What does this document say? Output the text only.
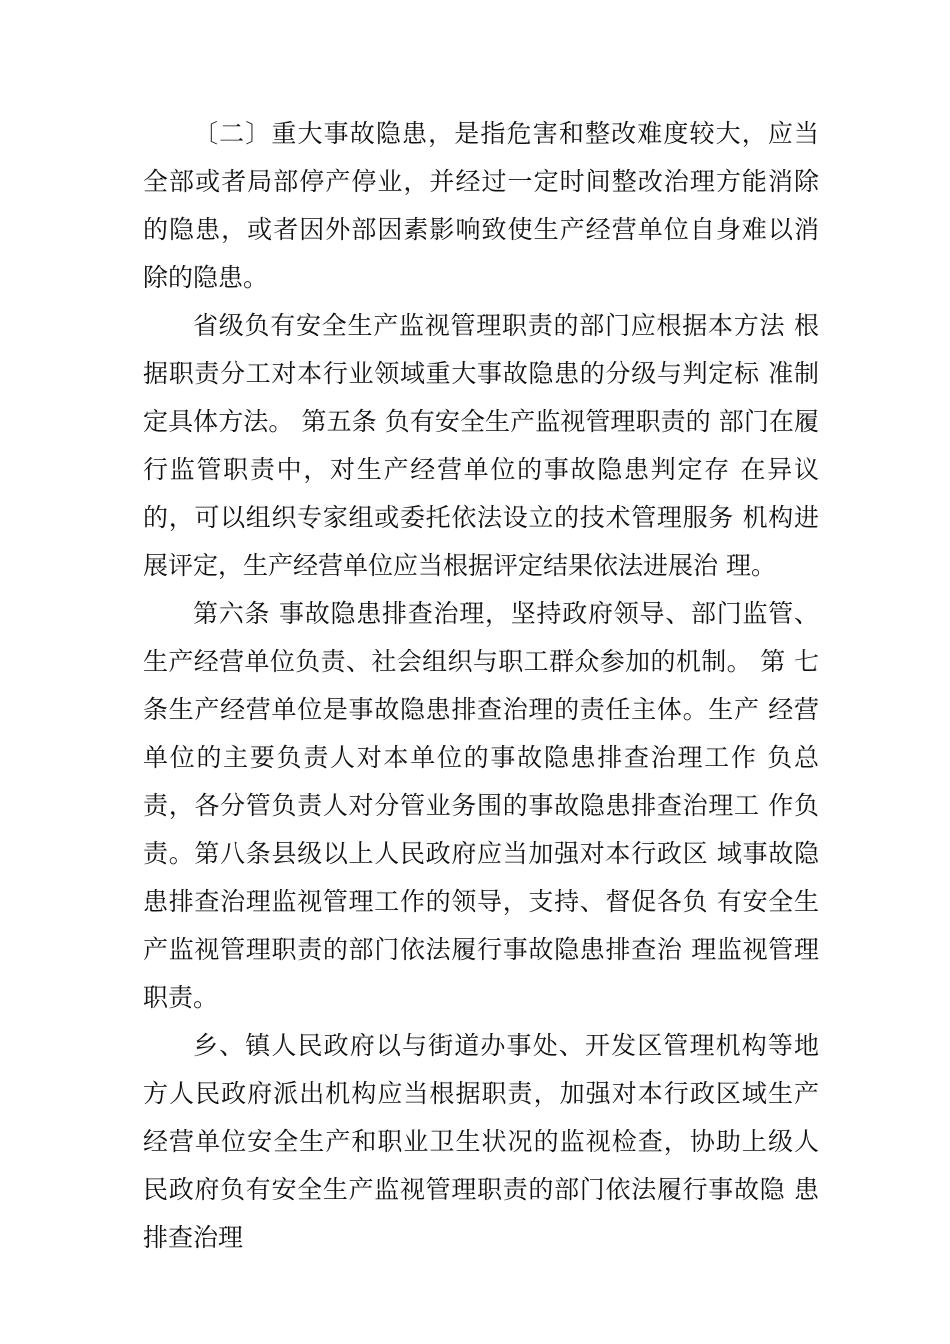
〔二〕重大事故隐患，是指危害和整改难度较大，应当 全部或者局部停产停业，并经过一定时间整改治理方能消除 的隐患，或者因外部因素影响致使生产经营单位自身难以消 除的隐患。

省级负有安全生产监视管理职责的部门应根据本方法 根据职责分工对本行业领域重大事故隐患的分级与判定标 准制定具体方法。 第五条 负有安全生产监视管理职责的 部门在履行监管职责中，对生产经营单位的事故隐患判定存 在异议的，可以组织专家组或委托依法设立的技术管理服务 机构进展评定，生产经营单位应当根据评定结果依法进展治 理。

第六条 事故隐患排查治理，坚持政府领导、部门监管、生产经营单位负责、社会组织与职工群众参加的机制。 第 七条生产经营单位是事故隐患排查治理的责任主体。生产 经营单位的主要负责人对本单位的事故隐患排查治理工作 负总责，各分管负责人对分管业务围的事故隐患排查治理工 作负责。第八条县级以上人民政府应当加强对本行政区 域事故隐患排查治理监视管理工作的领导，支持、督促各负 有安全生产监视管理职责的部门依法履行事故隐患排查治 理监视管理职责。

乡、镇人民政府以与街道办事处、开发区管理机构等地 方人民政府派出机构应当根据职责，加强对本行政区域生产 经营单位安全生产和职业卫生状况的监视检查，协助上级人 民政府负有安全生产监视管理职责的部门依法履行事故隐 患排查治理
